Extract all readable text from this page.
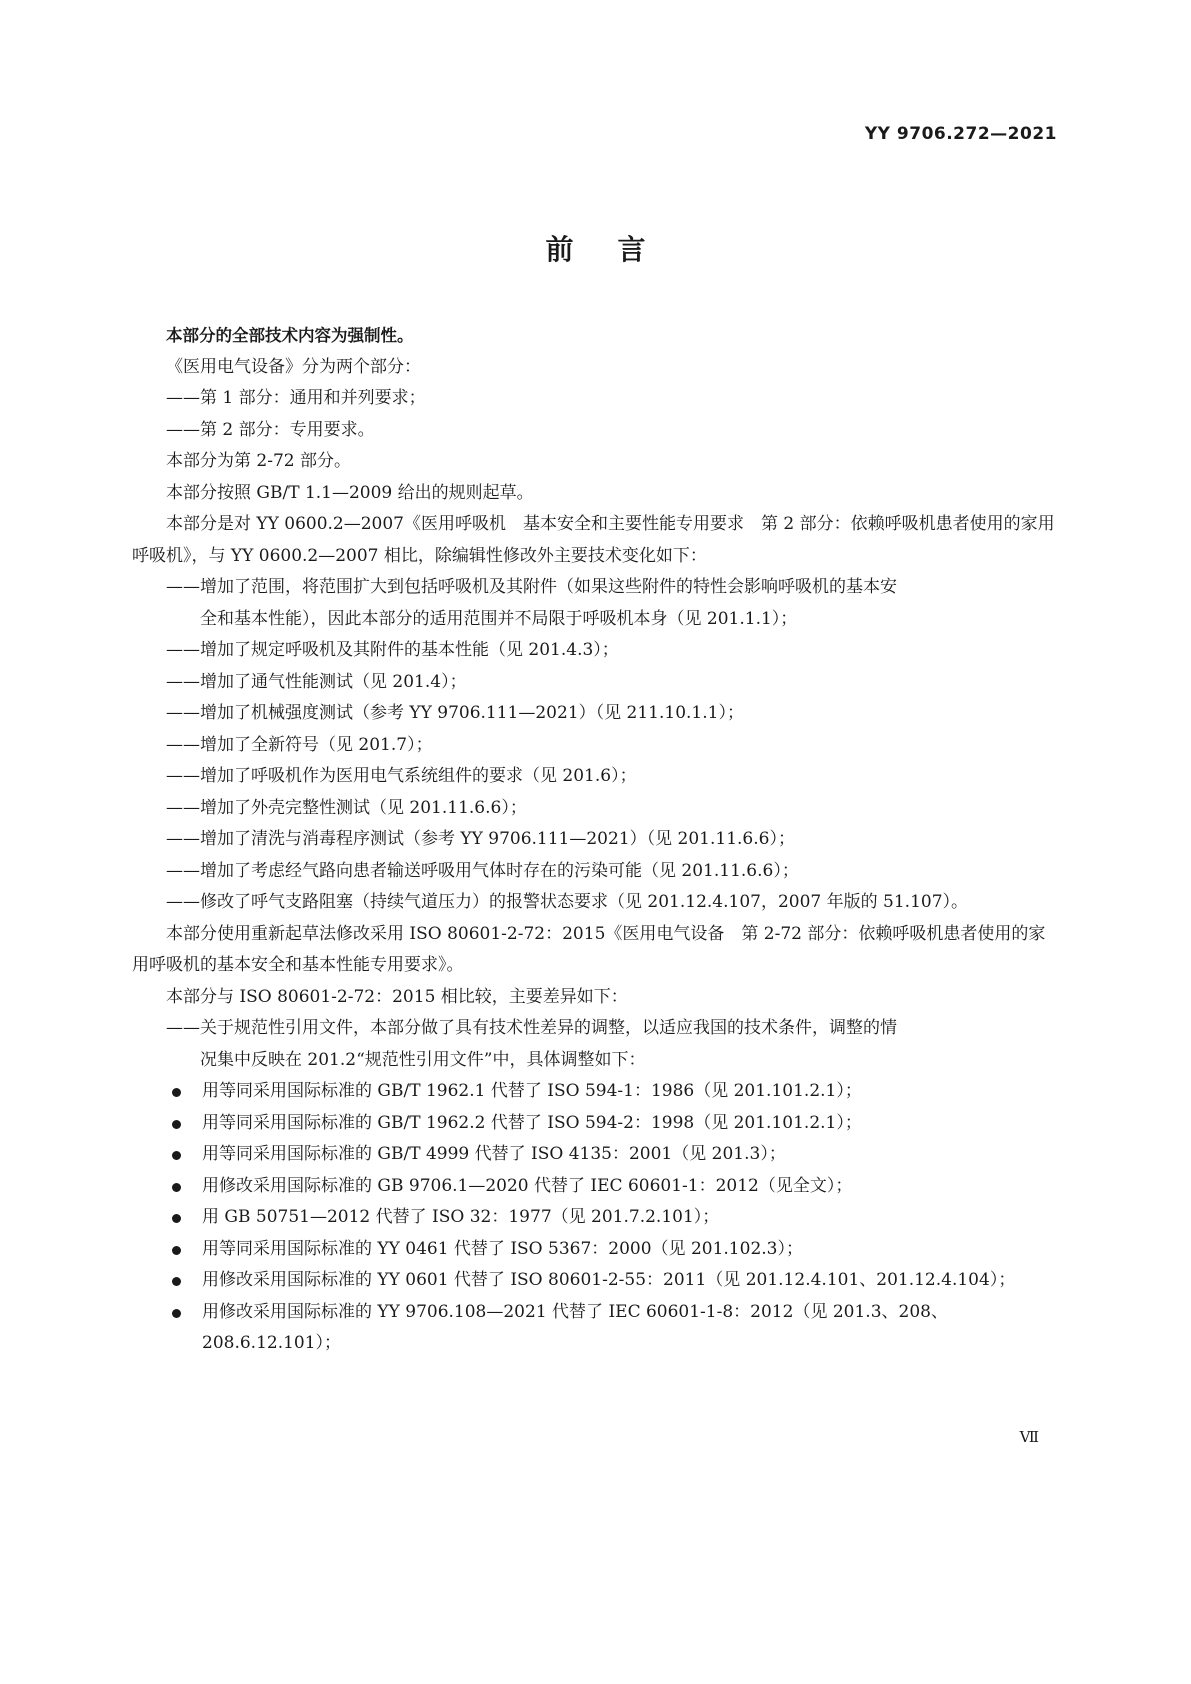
YY 9706.272—2021
前言

本部分的全部技术内容为强制性。

《医用电气设备》分为两个部分：

——第 1 部分：通用和并列要求；

——第 2 部分：专用要求。

本部分为第 2-72 部分。

本部分按照 GB/T 1.1—2009 给出的规则起草。

本部分是对 YY 0600.2—2007《医用呼吸机　基本安全和主要性能专用要求　第 2 部分：依赖呼吸机患者使用的家用呼吸机》，与 YY 0600.2—2007 相比，除编辑性修改外主要技术变化如下：

——增加了范围，将范围扩大到包括呼吸机及其附件（如果这些附件的特性会影响呼吸机的基本安
全和基本性能），因此本部分的适用范围并不局限于呼吸机本身（见 201.1.1）；
——增加了规定呼吸机及其附件的基本性能（见 201.4.3）；
——增加了通气性能测试（见 201.4）；
——增加了机械强度测试（参考 YY 9706.111—2021）（见 211.10.1.1）；
——增加了全新符号（见 201.7）；
——增加了呼吸机作为医用电气系统组件的要求（见 201.6）；
——增加了外壳完整性测试（见 201.11.6.6）；
——增加了清洗与消毒程序测试（参考 YY 9706.111—2021）（见 201.11.6.6）；
——增加了考虑经气路向患者输送呼吸用气体时存在的污染可能（见 201.11.6.6）；
——修改了呼气支路阻塞（持续气道压力）的报警状态要求（见 201.12.4.107，2007 年版的 51.107）。

本部分使用重新起草法修改采用 ISO 80601-2-72：2015《医用电气设备　第 2-72 部分：依赖呼吸机患者使用的家用呼吸机的基本安全和基本性能专用要求》。

本部分与 ISO 80601-2-72：2015 相比较，主要差异如下：

——关于规范性引用文件，本部分做了具有技术性差异的调整，以适应我国的技术条件，调整的情
况集中反映在 201.2“规范性引用文件”中，具体调整如下：
用等同采用国际标准的 GB/T 1962.1 代替了 ISO 594-1：1986（见 201.101.2.1）；
用等同采用国际标准的 GB/T 1962.2 代替了 ISO 594-2：1998（见 201.101.2.1）；
用等同采用国际标准的 GB/T 4999 代替了 ISO 4135：2001（见 201.3）；
用修改采用国际标准的 GB 9706.1—2020 代替了 IEC 60601-1：2012（见全文）；
用 GB 50751—2012 代替了 ISO 32：1977（见 201.7.2.101）；
用等同采用国际标准的 YY 0461 代替了 ISO 5367：2000（见 201.102.3）；
用修改采用国际标准的 YY 0601 代替了 ISO 80601-2-55：2011（见 201.12.4.101、201.12.4.104）；
用修改采用国际标准的 YY 9706.108—2021 代替了 IEC 60601-1-8：2012（见 201.3、208、208.6.12.101）；
Ⅶ
